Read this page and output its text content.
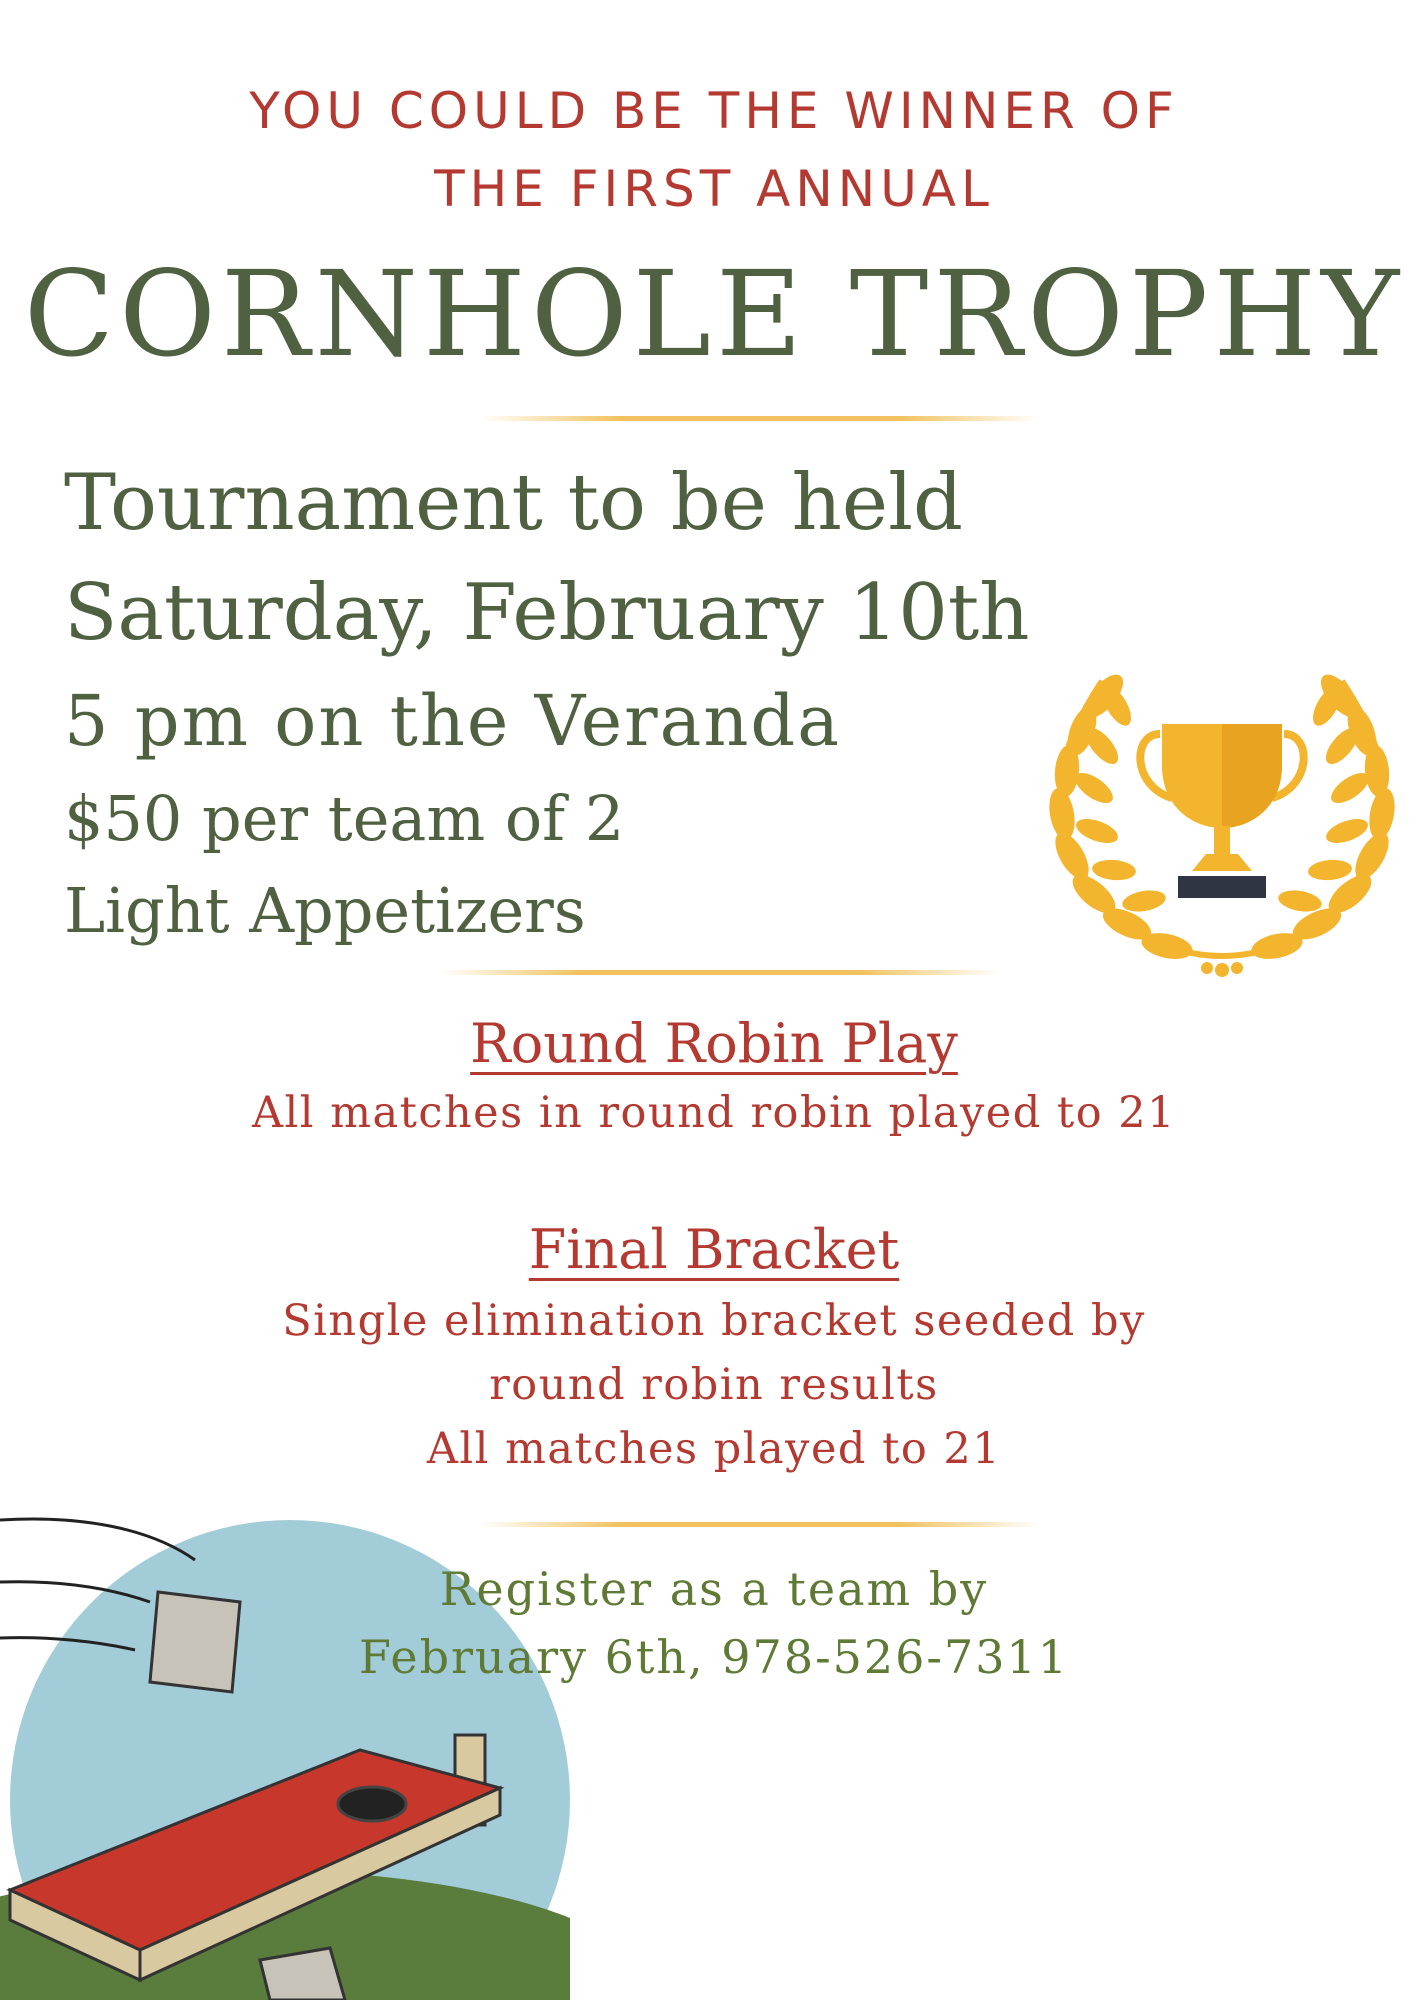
YOU COULD BE THE WINNER OF
THE FIRST ANNUAL
CORNHOLE TROPHY
Tournament to be held
Saturday, February 10th
5 pm on the Veranda
$50 per team of 2
Light Appetizers
Round Robin Play
All matches in round robin played to 21
Final Bracket
Single elimination bracket seeded by
round robin results
All matches played to 21
Register as a team by
February 6th, 978-526-7311
